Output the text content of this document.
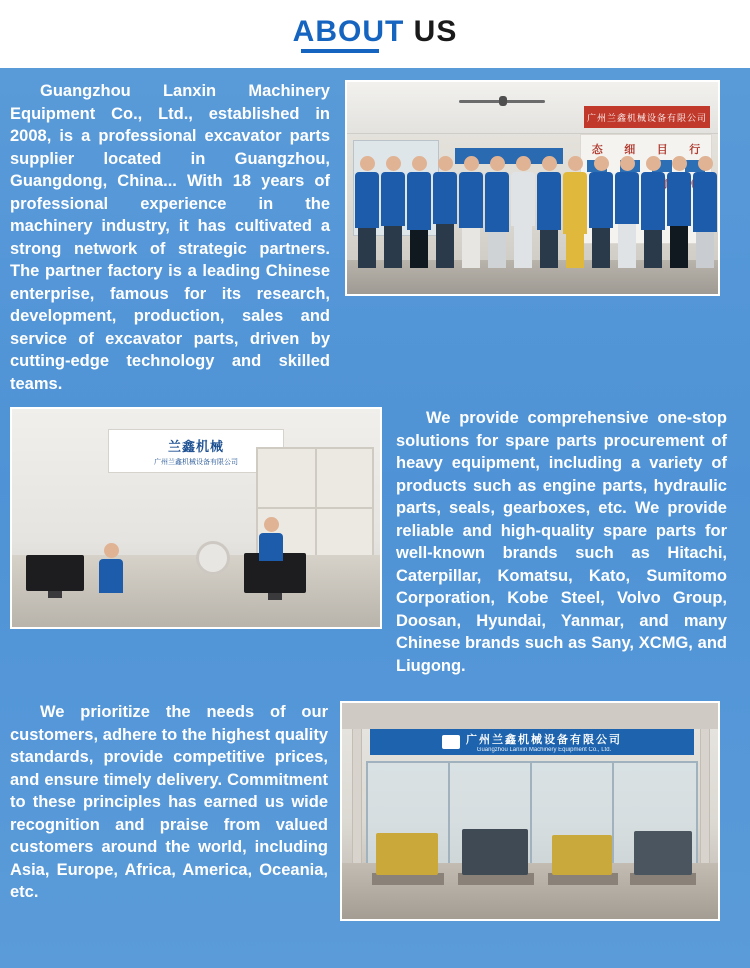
ABOUT US
Guangzhou Lanxin Machinery Equipment Co., Ltd., established in 2008, is a professional excavator parts supplier located in Guangzhou, Guangdong, China... With 18 years of professional experience in the machinery industry, it has cultivated a strong network of strategic partners. The partner factory is a leading Chinese enterprise, famous for its research, development, production, sales and service of excavator parts, driven by cutting-edge technology and skilled teams.
广州兰鑫机械设备有限公司
态 细 目 行
兰鑫机械
广州兰鑫机械设备有限公司
We provide comprehensive one-stop solutions for spare parts procurement of heavy equipment, including a variety of products such as engine parts, hydraulic parts, seals, gearboxes, etc. We provide reliable and high-quality spare parts for well-known brands such as Hitachi, Caterpillar, Komatsu, Kato, Sumitomo Corporation, Kobe Steel, Volvo Group, Doosan, Hyundai, Yanmar, and many Chinese brands such as Sany, XCMG, and Liugong.
We prioritize the needs of our customers, adhere to the highest quality standards, provide competitive prices, and ensure timely delivery. Commitment to these principles has earned us wide recognition and praise from valued customers around the world, including Asia, Europe, Africa, America, Oceania, etc.
广州兰鑫机械设备有限公司
Guangzhou Lanxin Machinery Equipment Co., Ltd.
